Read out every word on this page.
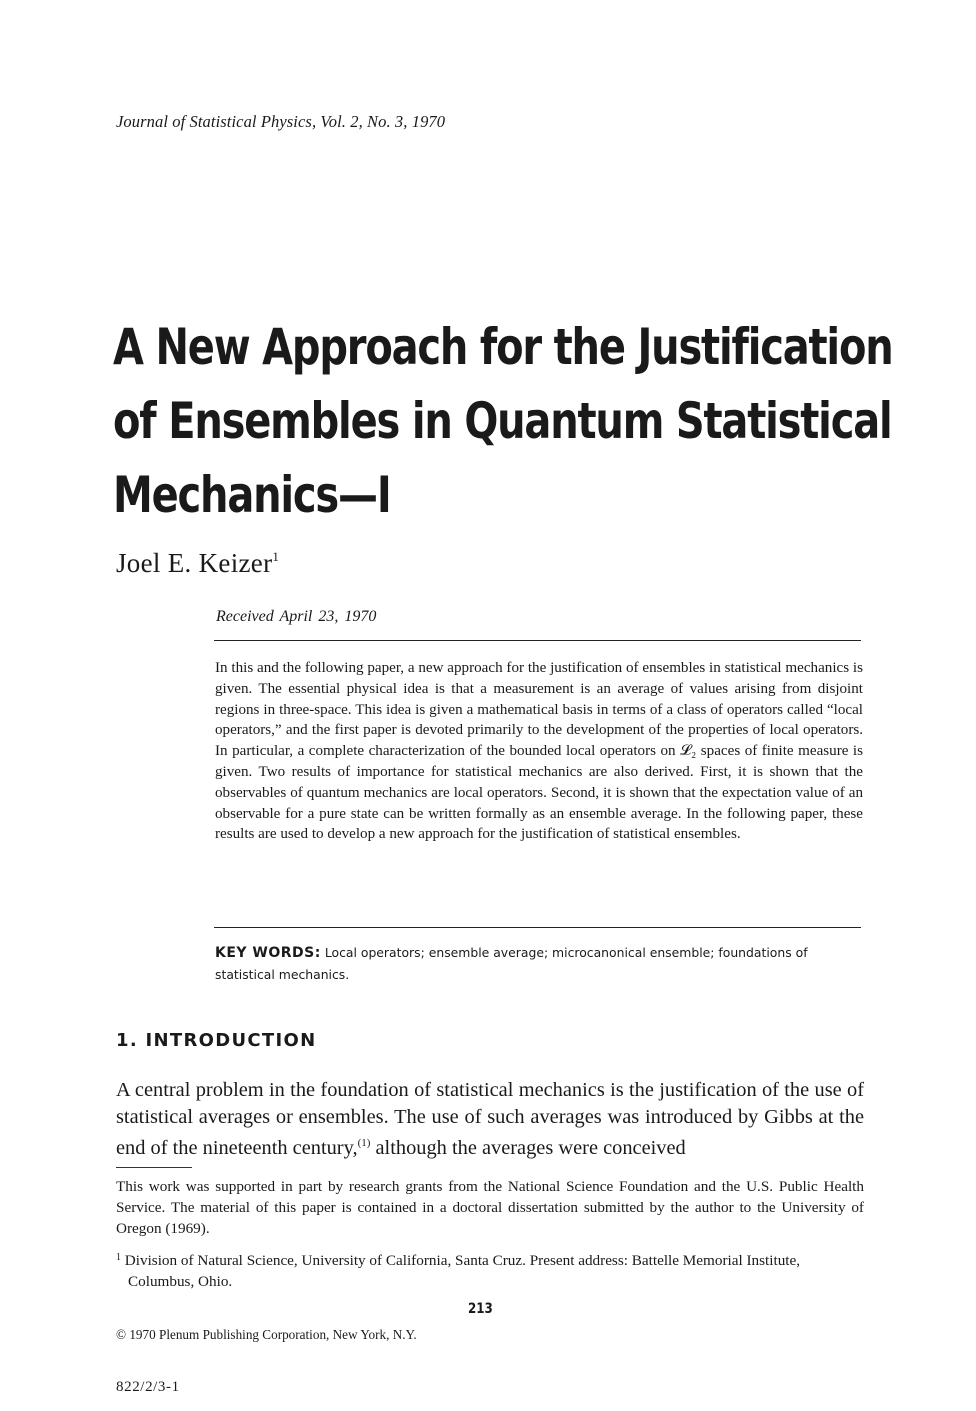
Journal of Statistical Physics, Vol. 2, No. 3, 1970
A New Approach for the Justification
of Ensembles in Quantum Statistical
Mechanics—I
Joel E. Keizer$^1$
Received April 23, 1970
In this and the following paper, a new approach for the justification of ensembles in statistical mechanics is given. The essential physical idea is that a measurement is an average of values arising from disjoint regions in three-space. This idea is given a mathematical basis in terms of a class of operators called “local operators,” and the first paper is devoted primarily to the development of the properties of local operators. In particular, a complete characterization of the bounded local operators on 𝓛₂ spaces of finite measure is given. Two results of importance for statistical mechanics are also derived. First, it is shown that the observables of quantum mechanics are local operators. Second, it is shown that the expectation value of an observable for a pure state can be written formally as an ensemble average. In the following paper, these results are used to develop a new approach for the justification of statistical ensembles.
KEY WORDS: Local operators; ensemble average; microcanonical ensemble; foundations of statistical mechanics.
1. INTRODUCTION
A central problem in the foundation of statistical mechanics is the justification of the use of statistical averages or ensembles. The use of such averages was introduced by Gibbs at the end of the nineteenth century,$^{(1)}$ although the averages were conceived
This work was supported in part by research grants from the National Science Foundation and the U.S. Public Health Service. The material of this paper is contained in a doctoral dissertation submitted by the author to the University of Oregon (1969).
$^1$ Division of Natural Science, University of California, Santa Cruz. Present address: Battelle Memorial Institute, Columbus, Ohio.
213
© 1970 Plenum Publishing Corporation, New York, N.Y.
822/2/3-1
